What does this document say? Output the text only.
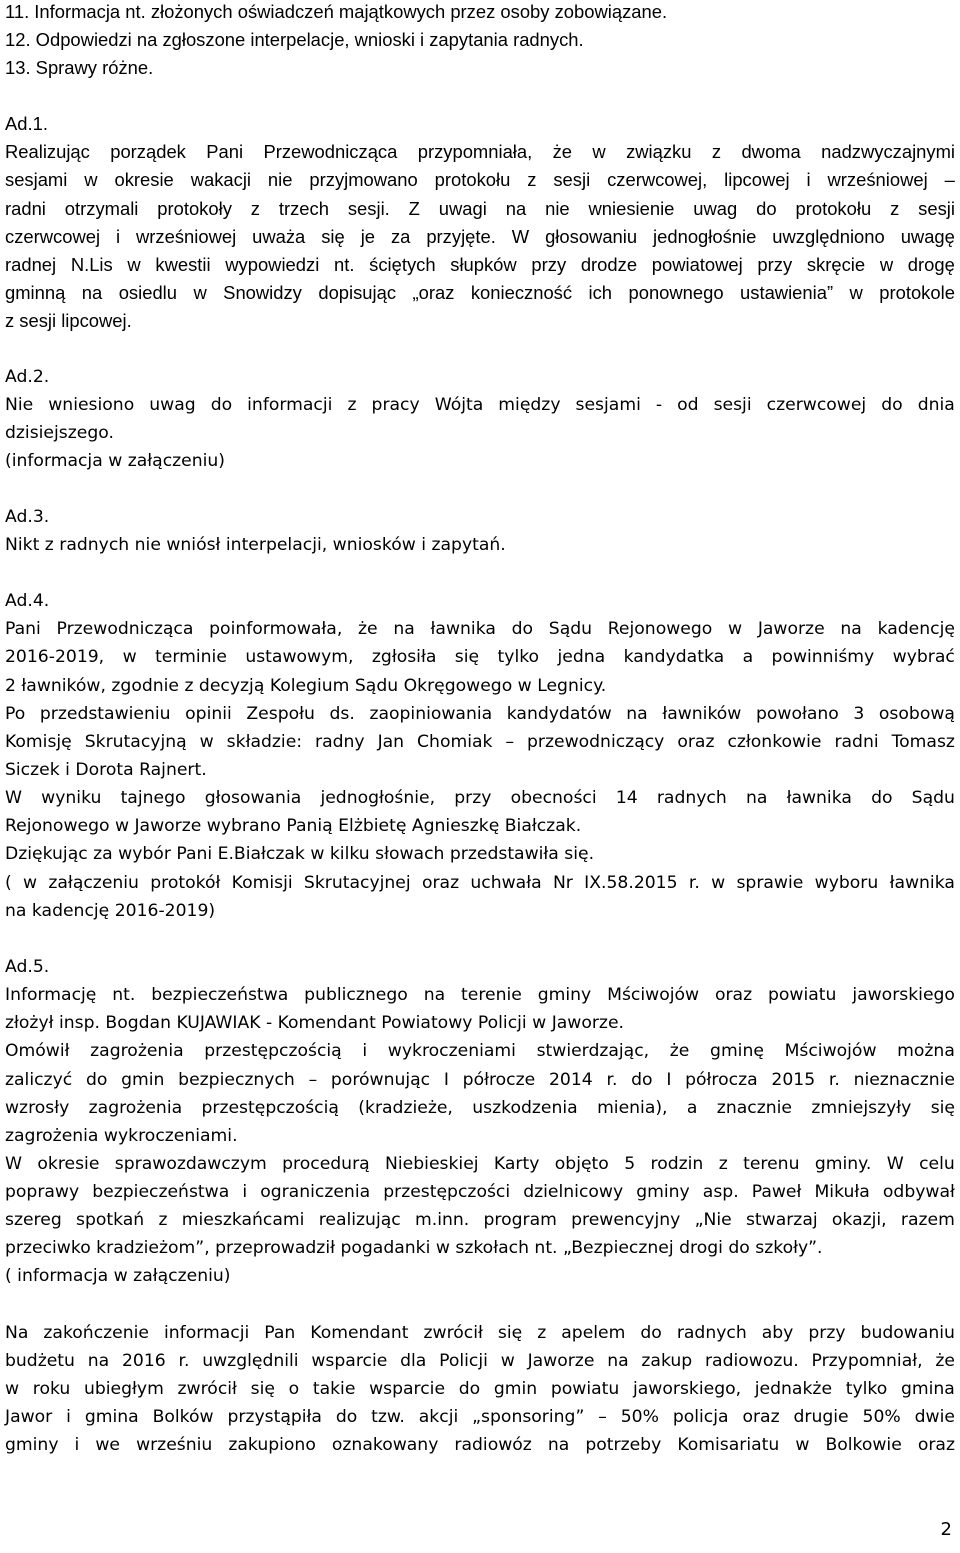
11. Informacja nt. złożonych oświadczeń majątkowych przez osoby zobowiązane.
12. Odpowiedzi na zgłoszone interpelacje, wnioski i zapytania radnych.
13. Sprawy różne.
Ad.1.
Realizując porządek Pani Przewodnicząca przypomniała, że w związku z dwoma nadzwyczajnymi
sesjami w okresie wakacji nie przyjmowano protokołu z sesji czerwcowej, lipcowej i wrześniowej –
radni otrzymali protokoły z trzech sesji. Z uwagi na nie wniesienie uwag do protokołu z sesji
czerwcowej i wrześniowej uważa się je za przyjęte. W głosowaniu jednogłośnie uwzględniono uwagę
radnej N.Lis w kwestii wypowiedzi nt. ściętych słupków przy drodze powiatowej przy skręcie w drogę
gminną na osiedlu w Snowidzy dopisując „oraz konieczność ich ponownego ustawienia” w protokole
z sesji lipcowej.
Ad.2.
Nie wniesiono uwag do informacji z pracy Wójta między sesjami - od sesji czerwcowej do dnia
dzisiejszego.
(informacja w załączeniu)
Ad.3.
Nikt z radnych nie wniósł interpelacji, wniosków i zapytań.
Ad.4.
Pani Przewodnicząca poinformowała, że na ławnika do Sądu Rejonowego w Jaworze na kadencję
2016-2019, w terminie ustawowym, zgłosiła się tylko jedna kandydatka a powinniśmy wybrać
2 ławników, zgodnie z decyzją Kolegium Sądu Okręgowego w Legnicy.
Po przedstawieniu opinii Zespołu ds. zaopiniowania kandydatów na ławników powołano 3 osobową
Komisję Skrutacyjną w składzie: radny Jan Chomiak – przewodniczący oraz członkowie radni Tomasz
Siczek i Dorota Rajnert.
W wyniku tajnego głosowania jednogłośnie, przy obecności 14 radnych na ławnika do Sądu
Rejonowego w Jaworze wybrano Panią Elżbietę Agnieszkę Białczak.
Dziękując za wybór Pani E.Białczak w kilku słowach przedstawiła się.
( w załączeniu protokół Komisji Skrutacyjnej oraz uchwała Nr IX.58.2015 r. w sprawie wyboru ławnika
na kadencję 2016-2019)
Ad.5.
Informację nt. bezpieczeństwa publicznego na terenie gminy Mściwojów oraz powiatu jaworskiego
złożył insp. Bogdan KUJAWIAK - Komendant Powiatowy Policji w Jaworze.
Omówił zagrożenia przestępczością i wykroczeniami stwierdzając, że gminę Mściwojów można
zaliczyć do gmin bezpiecznych – porównując I półrocze 2014 r. do I półrocza 2015 r. nieznacznie
wzrosły zagrożenia przestępczością (kradzieże, uszkodzenia mienia), a znacznie zmniejszyły się
zagrożenia wykroczeniami.
W okresie sprawozdawczym procedurą Niebieskiej Karty objęto 5 rodzin z terenu gminy. W celu
poprawy bezpieczeństwa i ograniczenia przestępczości dzielnicowy gminy asp. Paweł Mikuła odbywał
szereg spotkań z mieszkańcami realizując m.inn. program prewencyjny „Nie stwarzaj okazji, razem
przeciwko kradzieżom”, przeprowadził pogadanki w szkołach nt. „Bezpiecznej drogi do szkoły”.
( informacja w załączeniu)
Na zakończenie informacji Pan Komendant zwrócił się z apelem do radnych aby przy budowaniu
budżetu na 2016 r. uwzględnili wsparcie dla Policji w Jaworze na zakup radiowozu. Przypomniał, że
w roku ubiegłym zwrócił się o takie wsparcie do gmin powiatu jaworskiego, jednakże tylko gmina
Jawor i gmina Bolków przystąpiła do tzw. akcji „sponsoring” – 50% policja oraz drugie 50% dwie
gminy i we wrześniu zakupiono oznakowany radiowóz na potrzeby Komisariatu w Bolkowie oraz
2
